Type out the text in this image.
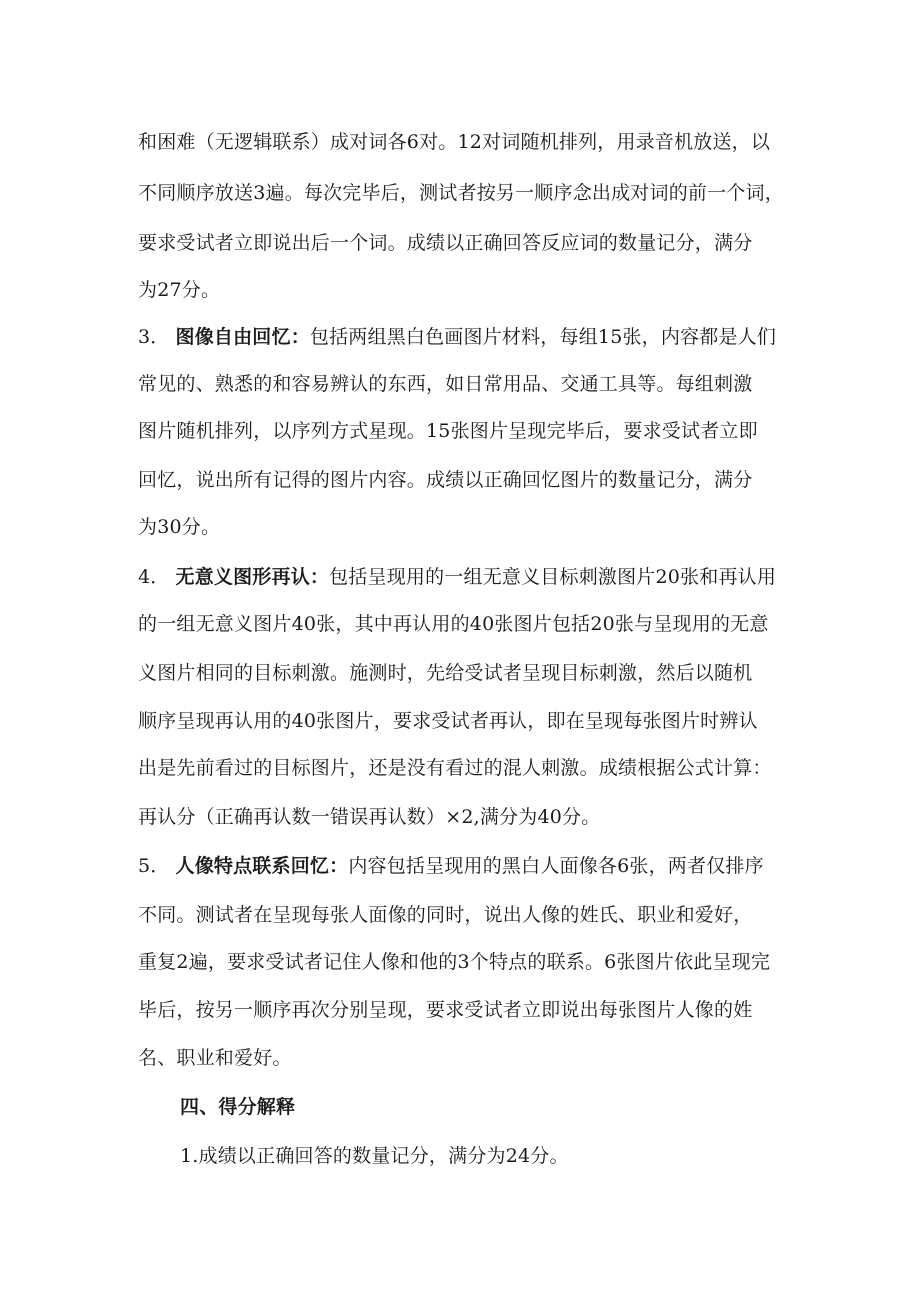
和困难（无逻辑联系）成对词各6对。12对词随机排列，用录音机放送，以
不同顺序放送3遍。每次完毕后，测试者按另一顺序念出成对词的前一个词，
要求受试者立即说出后一个词。成绩以正确回答反应词的数量记分，满分
为27分。
3． 图像自由回忆：包括两组黑白色画图片材料，每组15张，内容都是人们
常见的、熟悉的和容易辨认的东西，如日常用品、交通工具等。每组刺激
图片随机排列，以序列方式星现。15张图片呈现完毕后，要求受试者立即
回忆，说出所有记得的图片内容。成绩以正确回忆图片的数量记分，满分
为30分。
4． 无意义图形再认：包括呈现用的一组无意义目标刺激图片20张和再认用
的一组无意义图片40张，其中再认用的40张图片包括20张与呈现用的无意
义图片相同的目标刺激。施测时，先给受试者呈现目标刺激，然后以随机
顺序呈现再认用的40张图片，要求受试者再认，即在呈现每张图片时辨认
出是先前看过的目标图片，还是没有看过的混人刺激。成绩根据公式计算：
再认分（正确再认数一错误再认数）×2,满分为40分。
5． 人像特点联系回忆：内容包括呈现用的黑白人面像各6张，两者仅排序
不同。测试者在呈现每张人面像的同时，说出人像的姓氏、职业和爱好，
重复2遍，要求受试者记住人像和他的3个特点的联系。6张图片依此呈现完
毕后，按另一顺序再次分别呈现，要求受试者立即说出每张图片人像的姓
名、职业和爱好。
四、得分解释
1.成绩以正确回答的数量记分，满分为24分。
